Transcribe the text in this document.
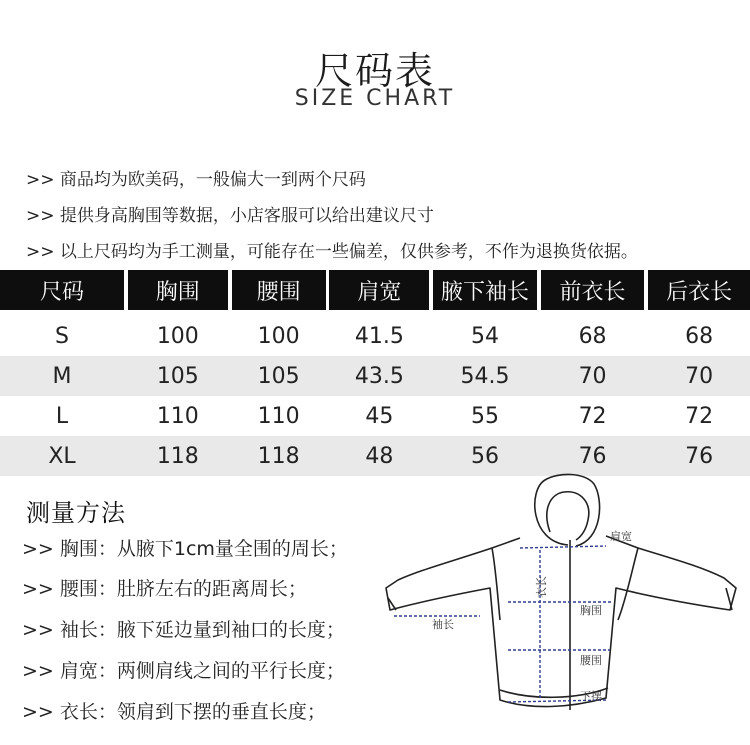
尺码表
SIZE CHART
>> 商品均为欧美码，一般偏大一到两个尺码
>> 提供身高胸围等数据，小店客服可以给出建议尺寸
>> 以上尺码均为手工测量，可能存在一些偏差，仅供参考，不作为退换货依据。
尺码	胸围	腰围	肩宽	腋下袖长	前衣长	后衣长
S	100	100	41.5	54	68	68
M	105	105	43.5	54.5	70	70
L	110	110	45	55	72	72
XL	118	118	48	56	76	76
测量方法
>> 胸围：从腋下1cm量全围的周长；
>> 腰围：肚脐左右的距离周长；
>> 袖长：腋下延边量到袖口的长度；
>> 肩宽：两侧肩线之间的平行长度；
>> 衣长：领肩到下摆的垂直长度；
肩宽
衣长
胸围
袖长
腰围
下摆
